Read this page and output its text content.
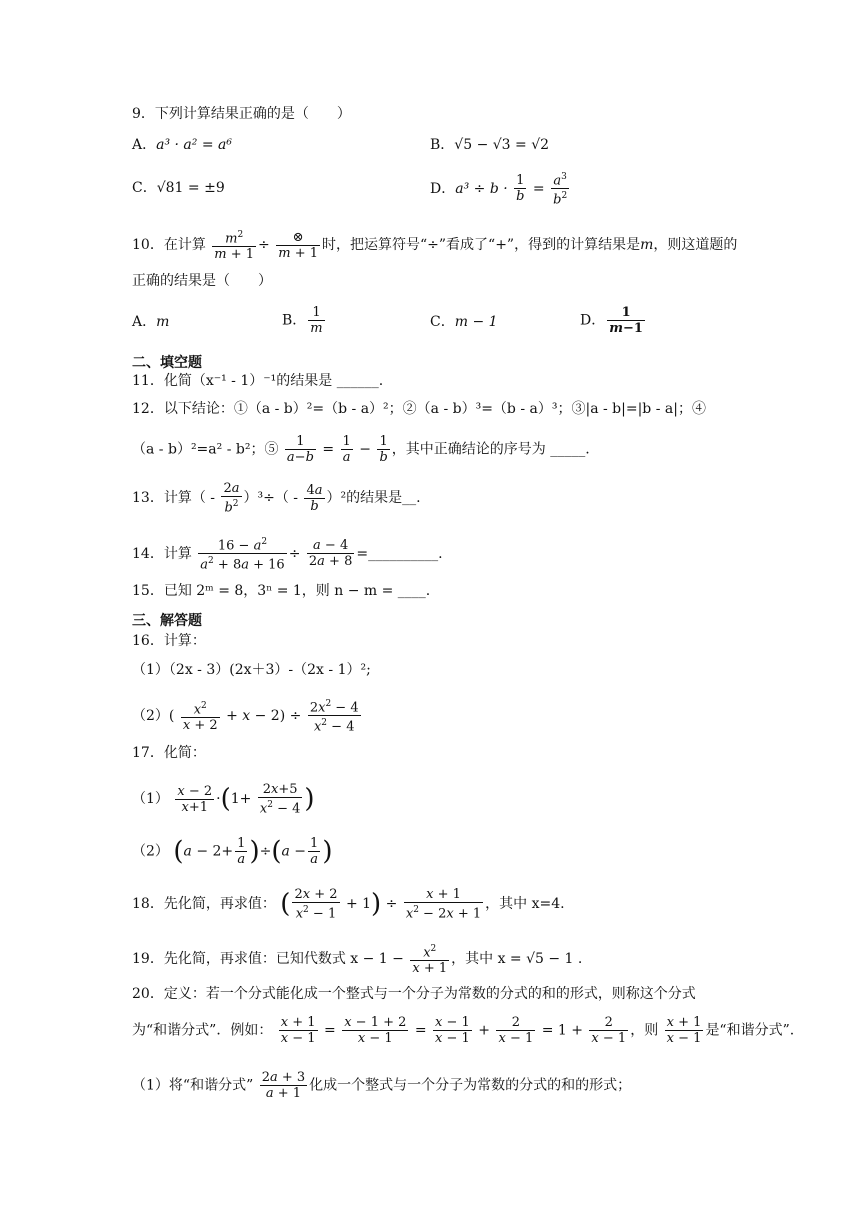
9．下列计算结果正确的是（　　）
A．a³ · a² = a⁶	B．√5 − √3 = √2
C．√81 = ±9	D．$a^3 \div b \cdot \frac{1}{b} = \frac{a^3}{b^2}$
10．在计算 $\frac{m^2}{m + 1} \div \frac{\otimes}{m + 1}$ 时，把运算符号“÷”看成了“+”，得到的计算结果是m，则这道题的
正确的结果是（　　）
A．m	B． $\frac{1}{m}$	C．m − 1	D． $\frac{1}{m-1}$
二、填空题
11．化简（x⁻¹ - 1）⁻¹的结果是 ______.
12．以下结论：①（a - b）²=（b - a）²；②（a - b）³=（b - a）³；③|a - b|=|b - a|；④
（a - b）²=a² - b²；⑤ $\frac{1}{a-b} = \frac{1}{a} - \frac{1}{b}$ ，其中正确结论的序号为 _____.
13．计算（ - $\frac{2a}{b^2} )^3\div( - \frac{4a}{b} )^2$的结果是__.
14．计算 $\frac{16 - a^2}{a^2 + 8a + 16} \div \frac{a - 4}{2a + 8}$ =__________.
15．已知 2ᵐ = 8，3ⁿ = 1，则 n − m = ____.
三、解答题
16．计算：
（1）（2x - 3）(2x＋3）-（2x - 1）²;
$(2)( \frac{x^2}{x + 2} + x - 2) \div \frac{2x^2 - 4}{x^2 - 4}$
17．化简：
$(1) \frac{x - 2}{x+1} \cdot(1+ \frac{2x+5}{x^2 - 4}$ )
（2） $(a - 2+ \frac{1}{a} )\div(a - \frac{1}{a}$ )
18．先化简，再求值： ( $\frac{2x + 2}{x^2 - 1} + 1) \div \frac{x + 1}{x^2 - 2x + 1}$ ，其中 x=4.
19．先化简，再求值：已知代数式 $x - 1 - \frac{x^2}{x + 1}$ ，其中 x = √5 − 1 .
20．定义：若一个分式能化成一个整式与一个分子为常数的分式的和的形式，则称这个分式
为“和谐分式”．例如： $\frac{x + 1}{x - 1} = \frac{x - 1 + 2}{x - 1} = \frac{x - 1}{x - 1} + \frac{2}{x - 1} = 1 + \frac{2}{x - 1}$ ，则 $\frac{x + 1}{x - 1}$ 是“和谐分式”.
（1）将“和谐分式” $\frac{2a + 3}{a + 1}$ 化成一个整式与一个分子为常数的分式的和的形式；
